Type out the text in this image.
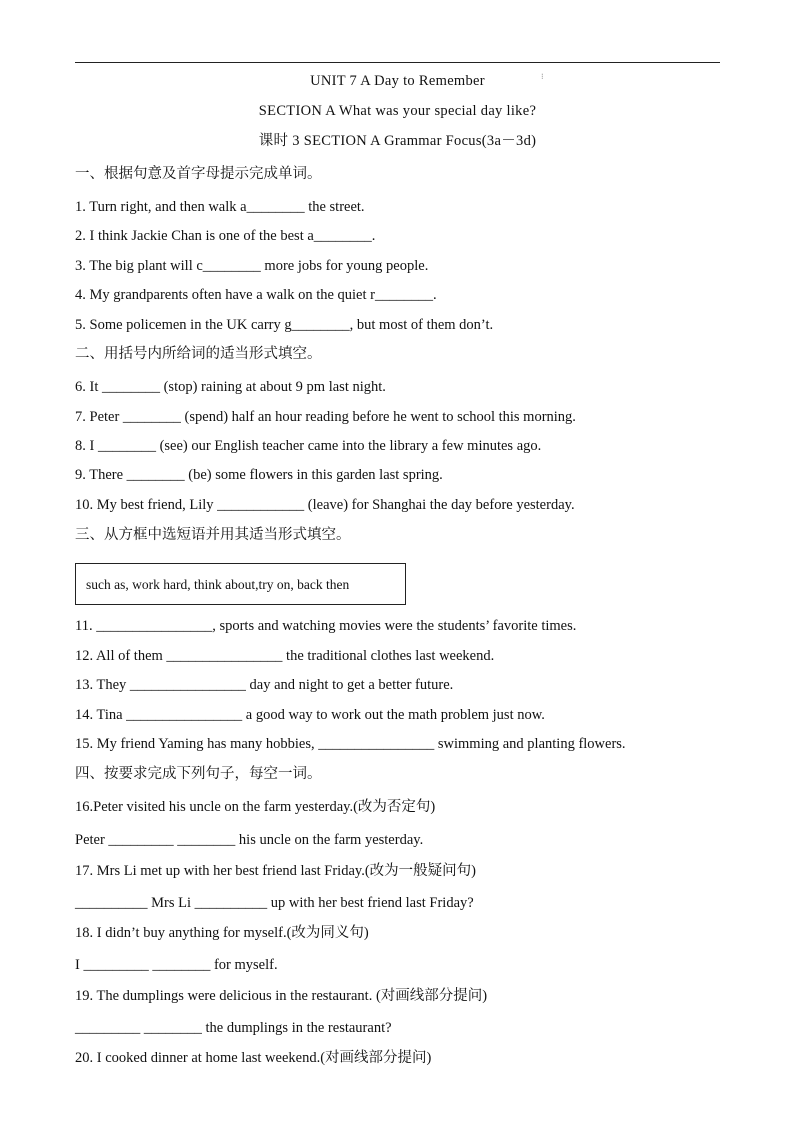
⁝
UNIT 7 A Day to Remember
SECTION A What was your special day like?
课时 3 SECTION A Grammar Focus(3a－3d)
一、根据句意及首字母提示完成单词。
1. Turn right, and then walk a________ the street.
2. I think Jackie Chan is one of the best a________.
3. The big plant will c________ more jobs for young people.
4. My grandparents often have a walk on the quiet r________.
5. Some policemen in the UK carry g________, but most of them don’t.
二、用括号内所给词的适当形式填空。
6. It ________ (stop) raining at about 9 pm last night.
7. Peter ________ (spend) half an hour reading before he went to school this morning.
8. I ________ (see) our English teacher came into the library a few minutes ago.
9. There ________ (be) some flowers in this garden last spring.
10. My best friend, Lily ____________ (leave) for Shanghai the day before yesterday.
三、从方框中选短语并用其适当形式填空。
such as, work hard, think about,try on, back then
11. ________________, sports and watching movies were the students’ favorite times.
12. All of them ________________ the traditional clothes last weekend.
13. They ________________ day and night to get a better future.
14. Tina ________________ a good way to work out the math problem just now.
15. My friend Yaming has many hobbies, ________________ swimming and planting flowers.
四、按要求完成下列句子，每空一词。
16.Peter visited his uncle on the farm yesterday.(改为否定句)
Peter _________ ________ his uncle on the farm yesterday.
17. Mrs Li met up with her best friend last Friday.(改为一般疑问句)
__________ Mrs Li __________ up with her best friend last Friday?
18. I didn’t buy anything for myself.(改为同义句)
I _________ ________ for myself.
19. The dumplings were delicious in the restaurant. (对画线部分提问)
_________ ________ the dumplings in the restaurant?
20. I cooked dinner at home last weekend.(对画线部分提问)
